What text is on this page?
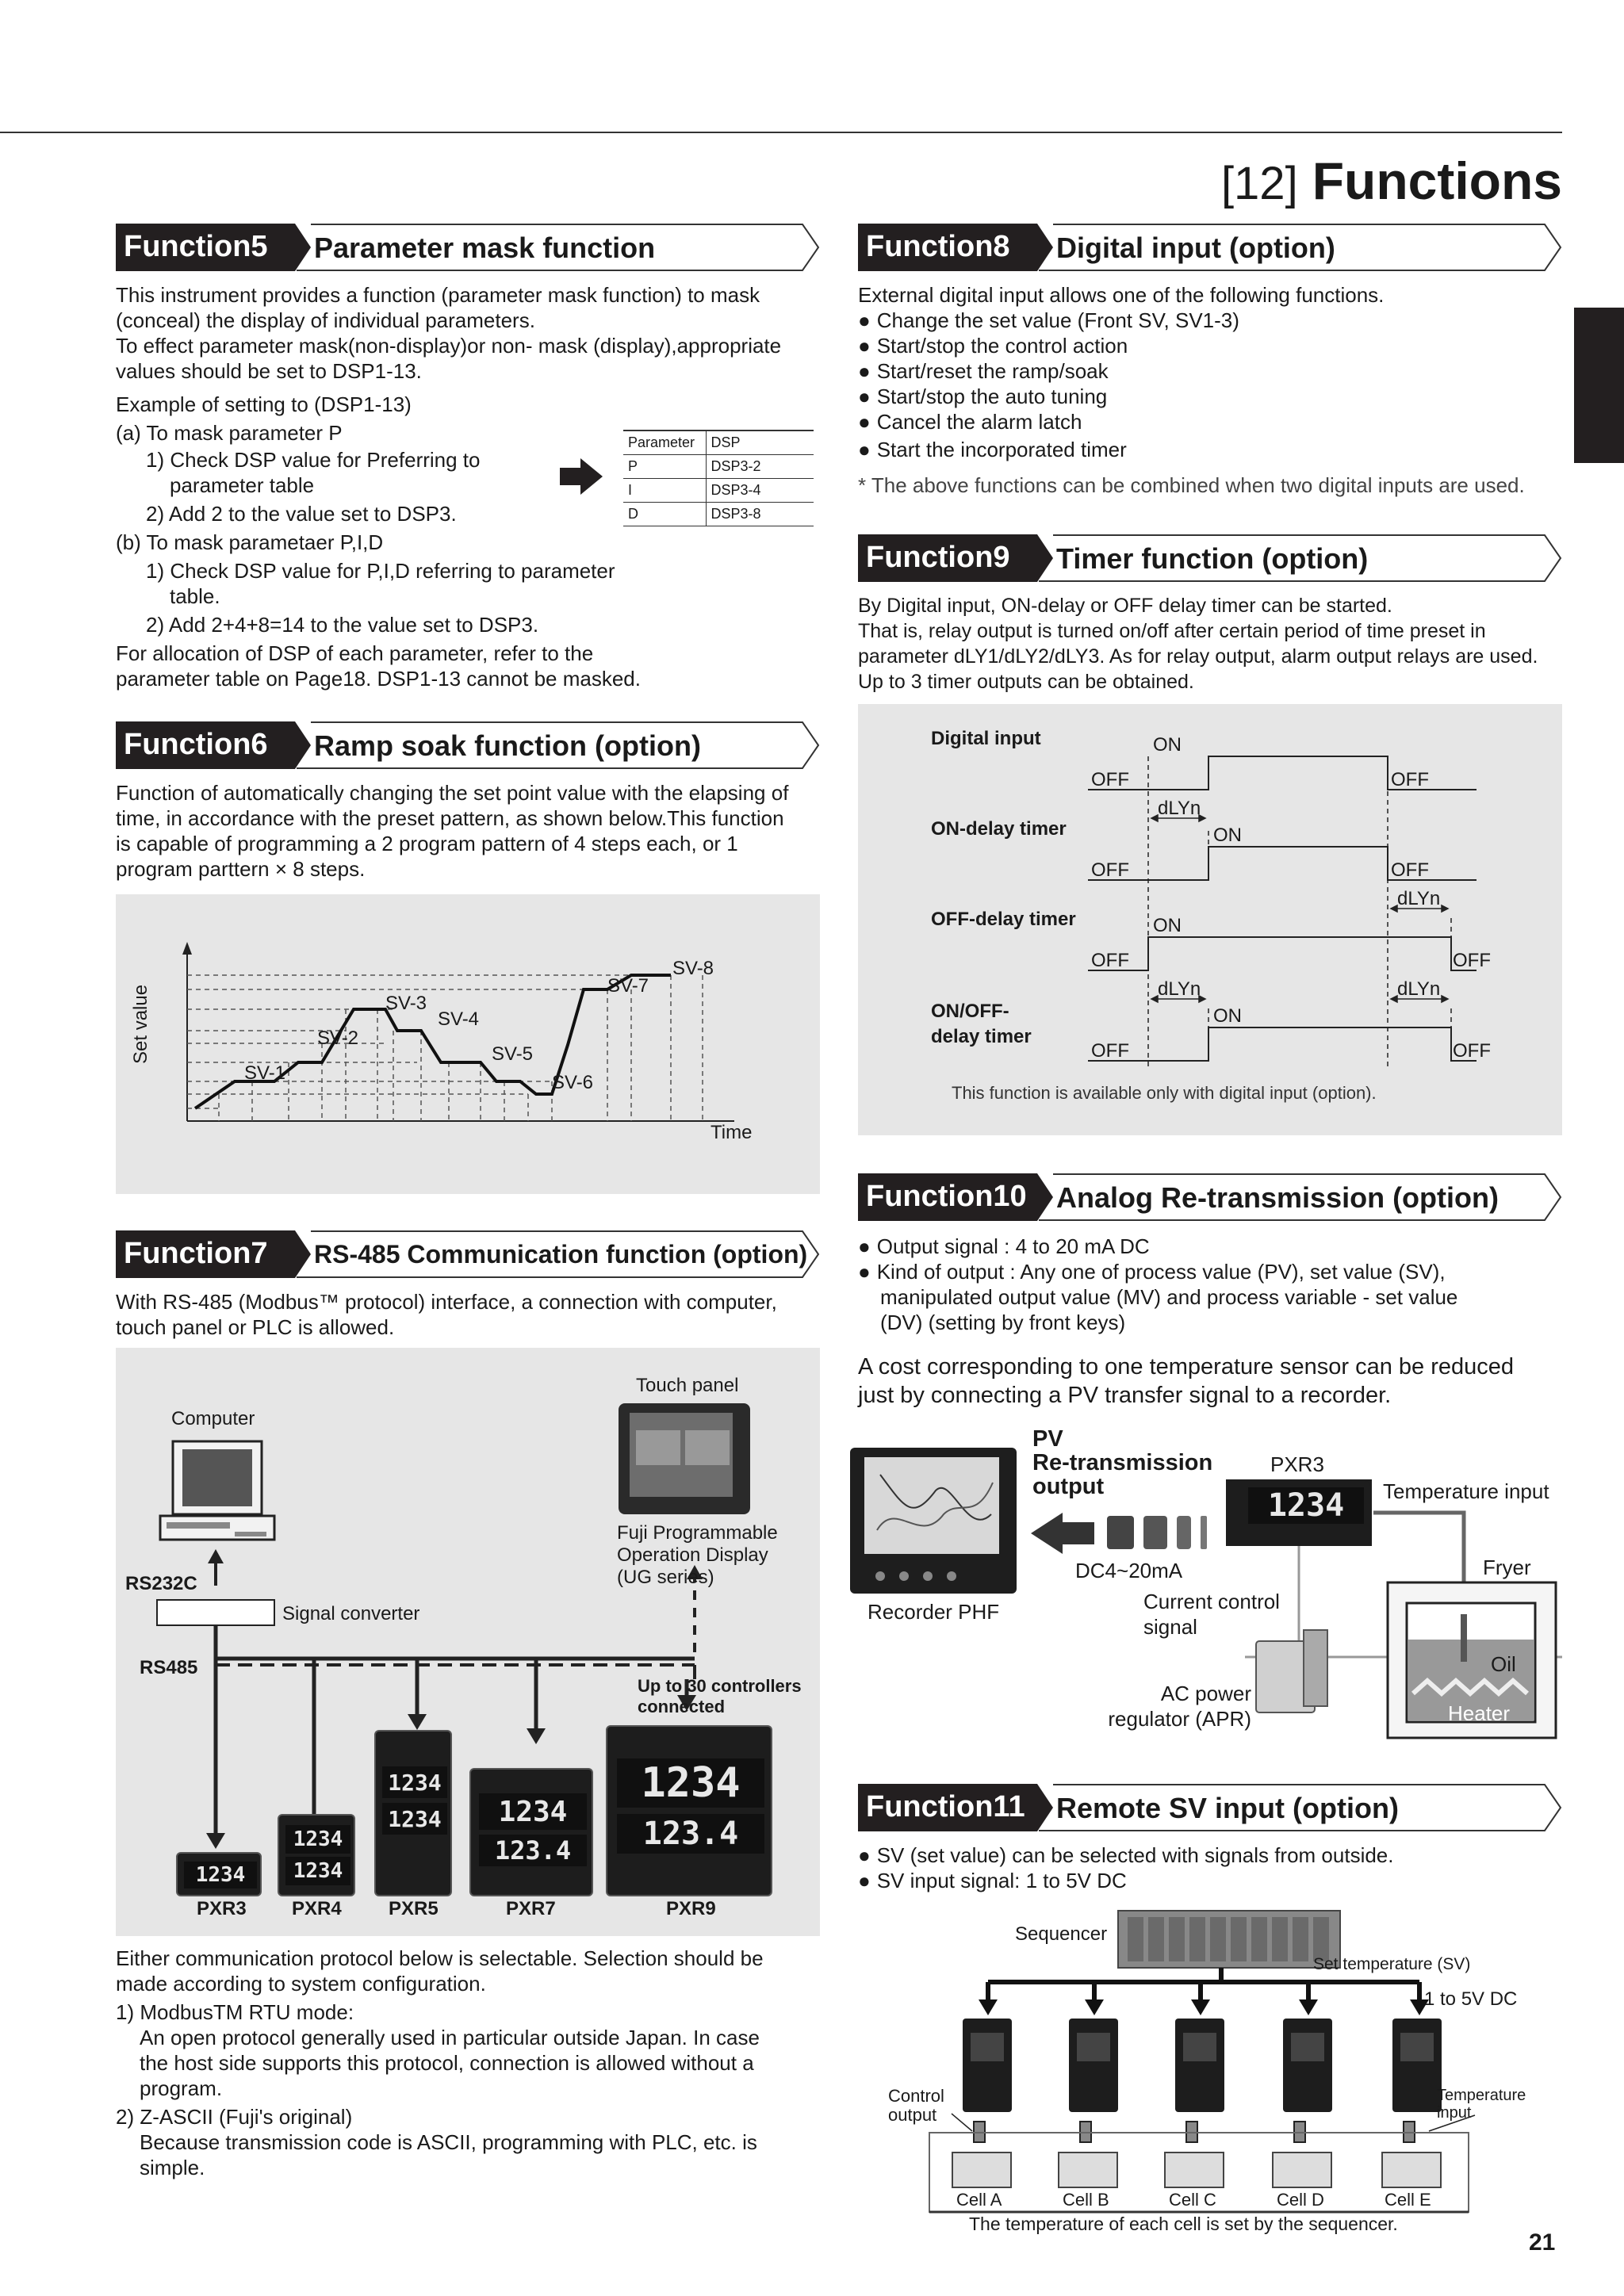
[12] Functions
Function5 Parameter mask function
This instrument provides a function (parameter mask function) to mask
(conceal) the display of individual parameters.
To effect parameter mask(non-display)or non- mask (display),appropriate
values should be set to DSP1-13.
Example of setting to (DSP1-13)
(a) To mask parameter P
1) Check DSP value for Preferring to
parameter table
2) Add 2 to the value set to DSP3.
(b) To mask parametaer P,I,D
1) Check DSP value for P,I,D referring to parameter
table.
2) Add 2+4+8=14 to the value set to DSP3.
For allocation of DSP of each parameter, refer to the
parameter table on Page18. DSP1-13 cannot be masked.
Parameter	DSP
P	DSP3-2
I	DSP3-4
D	DSP3-8
Function6 Ramp soak function (option)
Function of automatically changing the set point value with the elapsing of
time, in accordance with the preset pattern, as shown below.This function
is capable of programming a 2 program pattern of 4 steps each, or 1
program parttern × 8 steps.
Set value
Time
SV-1
SV-2
SV-3
SV-4
SV-5
SV-6
SV-7
SV-8
Function7 RS-485 Communication function (option)
With RS-485 (Modbus™ protocol) interface, a connection with computer,
touch panel or PLC is allowed.
Touch panel
Computer
Fuji Programmable
Operation Display
(UG series)
RS232C
Signal converter
RS485
Up to 30 controllers
connected
1234
1234
1234
1234
1234	1234
123.4
1234
123.4
PXR3 PXR4 PXR5	PXR7	PXR9
Either communication protocol below is selectable. Selection should be
made according to system configuration.
1) ModbusTM RTU mode:
An open protocol generally used in particular outside Japan. In case
the host side supports this protocol, connection is allowed without a
program.
2) Z-ASCII (Fuji's original)
Because transmission code is ASCII, programming with PLC, etc. is
simple.
Function8 Digital input (option)
External digital input allows one of the following functions.
● Change the set value (Front SV, SV1-3)
● Start/stop the control action
● Start/reset the ramp/soak
● Start/stop the auto tuning
● Cancel the alarm latch
● Start the incorporated timer
* The above functions can be combined when two digital inputs are used.
Function9 Timer function (option)
By Digital input, ON-delay or OFF delay timer can be started.
That is, relay output is turned on/off after certain period of time preset in
parameter dLY1/dLY2/dLY3. As for relay output, alarm output relays are used.
Up to 3 timer outputs can be obtained.
Digital input
ON-delay timer
OFF-delay timer
ON/OFF-
delay timer
ON
OFF	OFF
dLYn
ON
OFF	OFF
dLYn
ON
OFF	OFF
dLYn	dLYn
ON
OFF	OFF
This function is available only with digital input (option).
Function10 Analog Re-transmission (option)
● Output signal : 4 to 20 mA DC
● Kind of output : Any one of process value (PV), set value (SV),
manipulated output value (MV) and process variable - set value
(DV) (setting by front keys)
A cost corresponding to one temperature sensor can be reduced
just by connecting a PV transfer signal to a recorder.
1234
PV
Re-transmission
output
PXR3
Temperature input
DC4~20mA	Fryer
Recorder PHF	Current control
signal
Oil
AC power
regulator (APR)	Heater
Function11 Remote SV input (option)
● SV (set value) can be selected with signals from outside.
● SV input signal: 1 to 5V DC
Sequencer
Set temperature (SV)
1 to 5V DC
Control
output
Temperature
input
Cell A	Cell B	Cell C	Cell D	Cell E
The temperature of each cell is set by the sequencer.
21
